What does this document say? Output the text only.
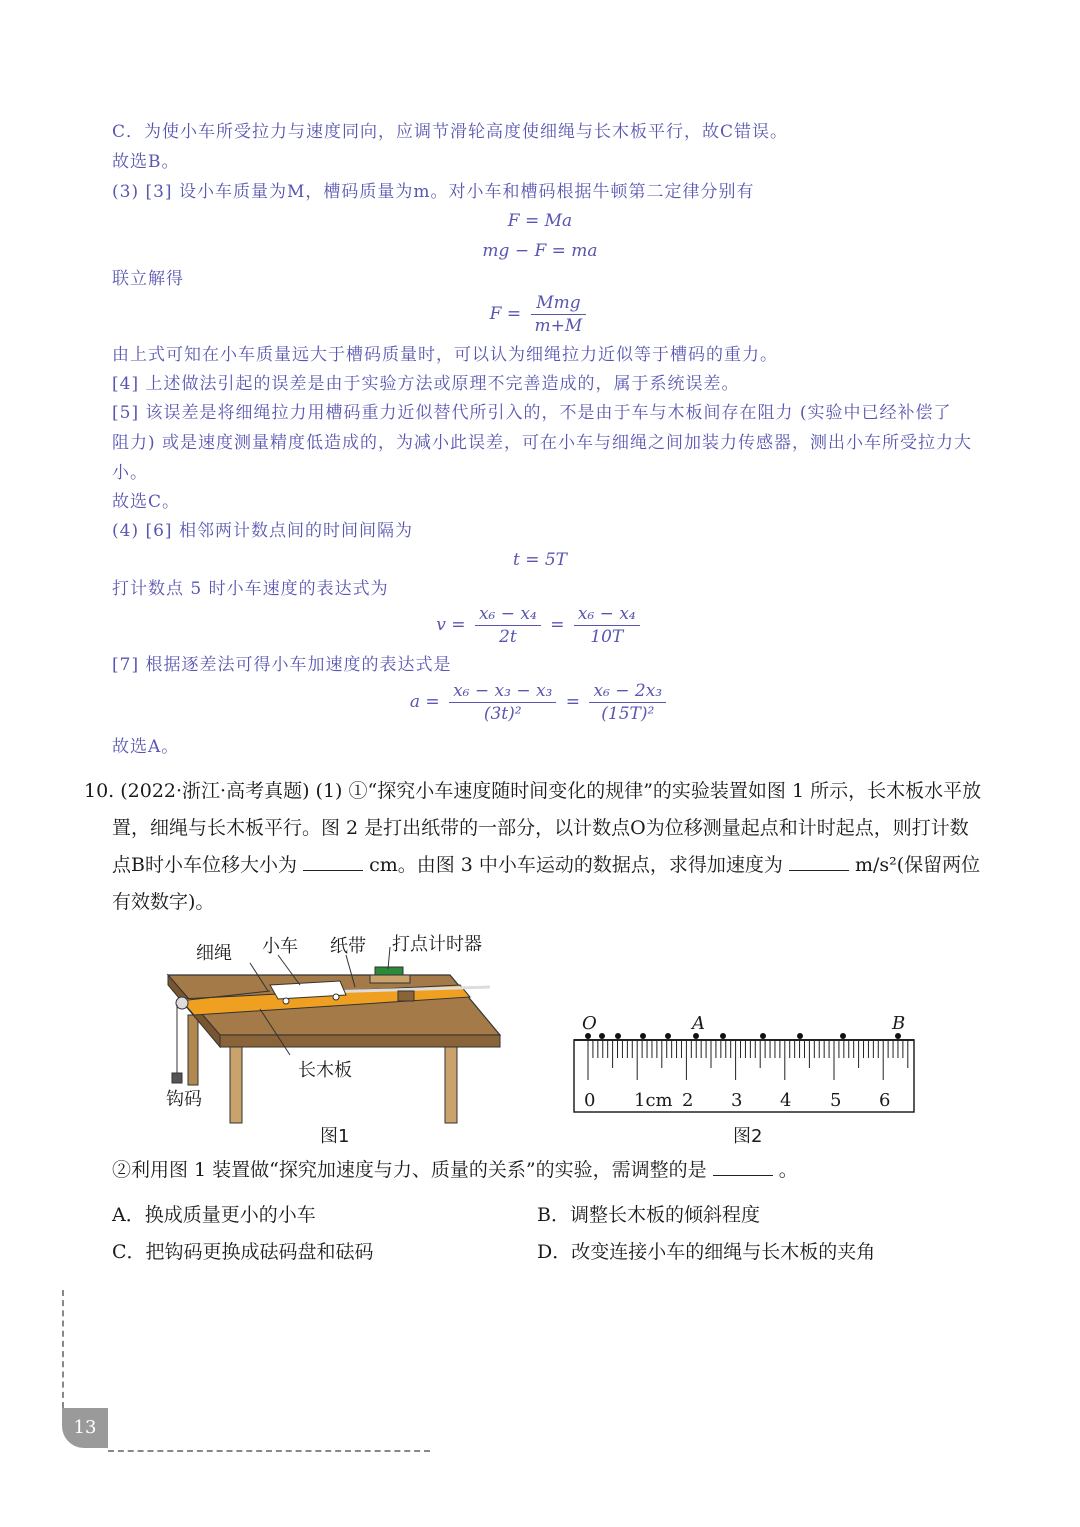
C．为使小车所受拉力与速度同向，应调节滑轮高度使细绳与长木板平行，故C错误。
故选B。
(3) [3] 设小车质量为M，槽码质量为m。对小车和槽码根据牛顿第二定律分别有
F = Ma
mg − F = ma
联立解得
$F = \frac{\text{Mmg}}{m+M}$
由上式可知在小车质量远大于槽码质量时，可以认为细绳拉力近似等于槽码的重力。
[4] 上述做法引起的误差是由于实验方法或原理不完善造成的，属于系统误差。
[5] 该误差是将细绳拉力用槽码重力近似替代所引入的，不是由于车与木板间存在阻力 (实验中已经补偿了
阻力) 或是速度测量精度低造成的，为减小此误差，可在小车与细绳之间加装力传感器，测出小车所受拉力大
小。
故选C。
(4) [6] 相邻两计数点间的时间间隔为
t = 5T
打计数点 5 时小车速度的表达式为
$v = \frac{\text{x₆ − x₄}}{2t} = \frac{\text{x₆ − x₄}}{10T}$
[7] 根据逐差法可得小车加速度的表达式是
$a = \frac{\text{x₆ − x₃ − x₃}}{\text{(3t)²}} = \frac{\text{x₆ − 2x₃}}{\text{(15T)²}}$
故选A。
10. (2022·浙江·高考真题) (1) ①“探究小车速度随时间变化的规律”的实验装置如图 1 所示，长木板水平放
置，细绳与长木板平行。图 2 是打出纸带的一部分，以计数点O为位移测量起点和计时起点，则打计数
点B时小车位移大小为	cm。由图 3 中小车运动的数据点，求得加速度为	m/s²(保留两位
有效数字)。
细绳 小车 纸带 打点计时器
长木板
钩码
图1
O	A	B
0 1cm 2 3 4 5 6
图2
②利用图 1 装置做“探究加速度与力、质量的关系”的实验，需调整的是	。
A．换成质量更小的小车	B．调整长木板的倾斜程度
C．把钩码更换成砝码盘和砝码	D．改变连接小车的细绳与长木板的夹角
13
